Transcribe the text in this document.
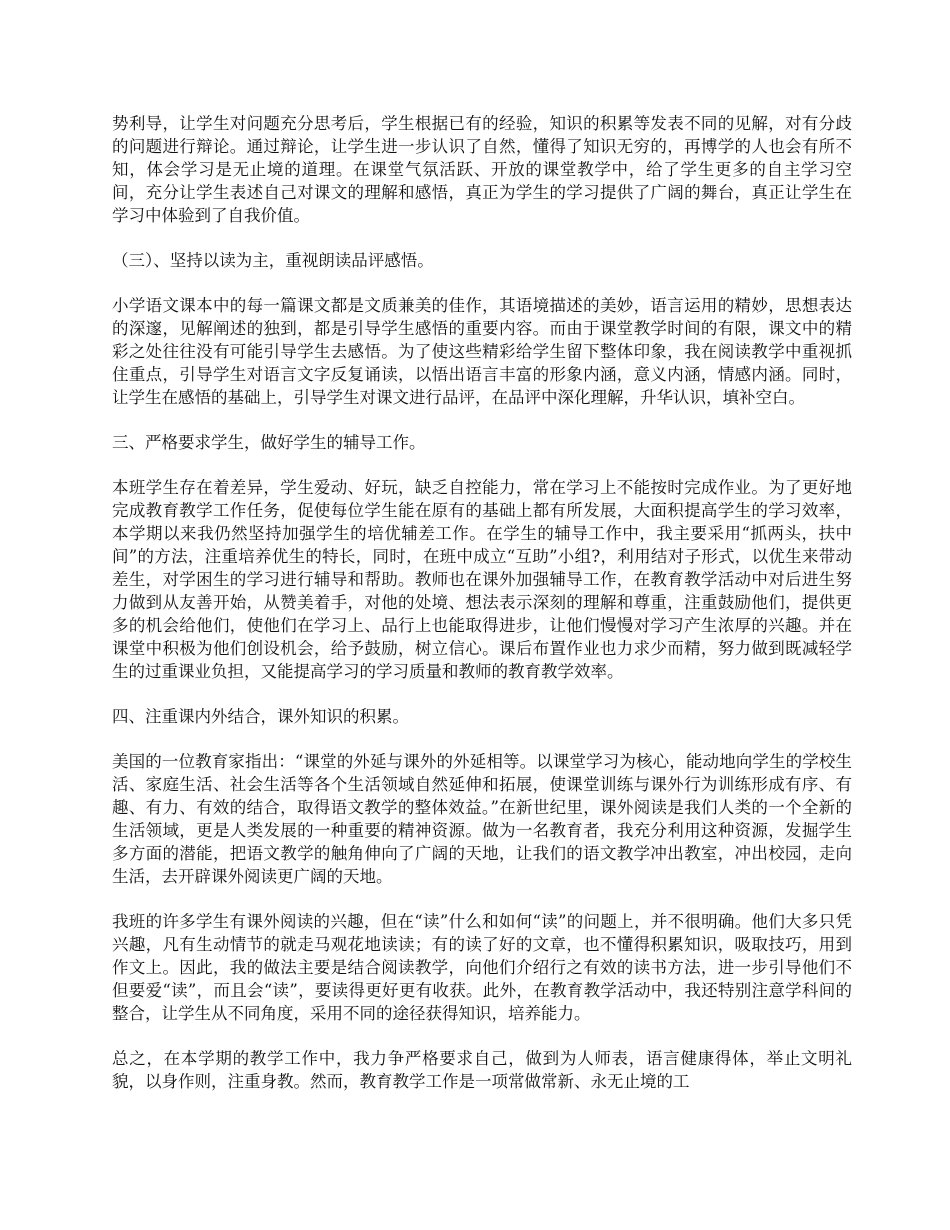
势利导，让学生对问题充分思考后，学生根据已有的经验，知识的积累等发表不同的见解，对有分歧的问题进行辩论。通过辩论，让学生进一步认识了自然，懂得了知识无穷的，再博学的人也会有所不知，体会学习是无止境的道理。在课堂气氛活跃、开放的课堂教学中，给了学生更多的自主学习空间，充分让学生表述自己对课文的理解和感悟，真正为学生的学习提供了广阔的舞台，真正让学生在学习中体验到了自我价值。

（三）、坚持以读为主，重视朗读品评感悟。

小学语文课本中的每一篇课文都是文质兼美的佳作，其语境描述的美妙，语言运用的精妙，思想表达的深邃，见解阐述的独到，都是引导学生感悟的重要内容。而由于课堂教学时间的有限，课文中的精彩之处往往没有可能引导学生去感悟。为了使这些精彩给学生留下整体印象，我在阅读教学中重视抓住重点，引导学生对语言文字反复诵读，以悟出语言丰富的形象内涵，意义内涵，情感内涵。同时，让学生在感悟的基础上，引导学生对课文进行品评，在品评中深化理解，升华认识，填补空白。

三、严格要求学生，做好学生的辅导工作。

本班学生存在着差异，学生爱动、好玩，缺乏自控能力，常在学习上不能按时完成作业。为了更好地完成教育教学工作任务，促使每位学生能在原有的基础上都有所发展，大面积提高学生的学习效率，本学期以来我仍然坚持加强学生的培优辅差工作。在学生的辅导工作中，我主要采用“抓两头，扶中间”的方法，注重培养优生的特长，同时，在班中成立“互助”小组?，利用结对子形式，以优生来带动差生，对学困生的学习进行辅导和帮助。教师也在课外加强辅导工作，在教育教学活动中对后进生努力做到从友善开始，从赞美着手，对他的处境、想法表示深刻的理解和尊重，注重鼓励他们，提供更多的机会给他们，使他们在学习上、品行上也能取得进步，让他们慢慢对学习产生浓厚的兴趣。并在课堂中积极为他们创设机会，给予鼓励，树立信心。课后布置作业也力求少而精，努力做到既减轻学生的过重课业负担，又能提高学习的学习质量和教师的教育教学效率。

四、注重课内外结合，课外知识的积累。

美国的一位教育家指出：“课堂的外延与课外的外延相等。以课堂学习为核心，能动地向学生的学校生活、家庭生活、社会生活等各个生活领域自然延伸和拓展，使课堂训练与课外行为训练形成有序、有趣、有力、有效的结合，取得语文教学的整体效益。”在新世纪里，课外阅读是我们人类的一个全新的生活领域，更是人类发展的一种重要的精神资源。做为一名教育者，我充分利用这种资源，发掘学生多方面的潜能，把语文教学的触角伸向了广阔的天地，让我们的语文教学冲出教室，冲出校园，走向生活，去开辟课外阅读更广阔的天地。

我班的许多学生有课外阅读的兴趣，但在“读”什么和如何“读”的问题上，并不很明确。他们大多只凭兴趣，凡有生动情节的就走马观花地读读；有的读了好的文章，也不懂得积累知识，吸取技巧，用到作文上。因此，我的做法主要是结合阅读教学，向他们介绍行之有效的读书方法，进一步引导他们不但要爱“读”，而且会“读”，要读得更好更有收获。此外，在教育教学活动中，我还特别注意学科间的整合，让学生从不同角度，采用不同的途径获得知识，培养能力。

总之，在本学期的教学工作中，我力争严格要求自己，做到为人师表，语言健康得体，举止文明礼貌，以身作则，注重身教。然而，教育教学工作是一项常做常新、永无止境的工
